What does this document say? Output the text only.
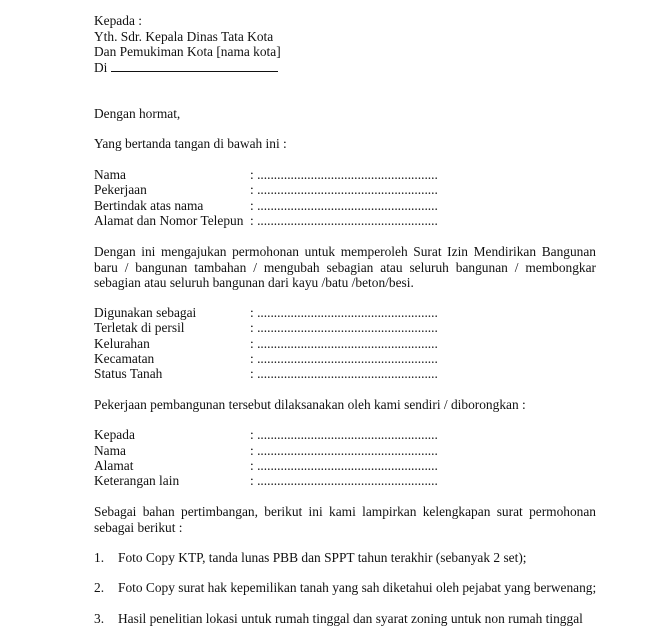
Kepada :
Yth. Sdr. Kepala Dinas Tata Kota
Dan Pemukiman Kota [nama kota]
Di
Dengan hormat,
Yang bertanda tangan di bawah ini :
Nama	: ......................................................
Pekerjaan	: ......................................................
Bertindak atas nama	: ......................................................
Alamat dan Nomor Telepun : ......................................................
Dengan ini mengajukan permohonan untuk memperoleh Surat Izin Mendirikan Bangunan baru / bangunan tambahan / mengubah sebagian atau seluruh bangunan / membongkar sebagian atau seluruh bangunan dari kayu /batu /beton/besi.
Digunakan sebagai	: ......................................................
Terletak di persil	: ......................................................
Kelurahan	: ......................................................
Kecamatan	: ......................................................
Status Tanah	: ......................................................
Pekerjaan pembangunan tersebut dilaksanakan oleh kami sendiri / diborongkan :
Kepada	: ......................................................
Nama	: ......................................................
Alamat	: ......................................................
Keterangan lain	: ......................................................
Sebagai bahan pertimbangan, berikut ini kami lampirkan kelengkapan surat permohonan sebagai berikut :
1. Foto Copy KTP, tanda lunas PBB dan SPPT tahun terakhir (sebanyak 2 set);
2. Foto Copy surat hak kepemilikan tanah yang sah diketahui oleh pejabat yang berwenang;
3. Hasil penelitian lokasi untuk rumah tinggal dan syarat zoning untuk non rumah tinggal
